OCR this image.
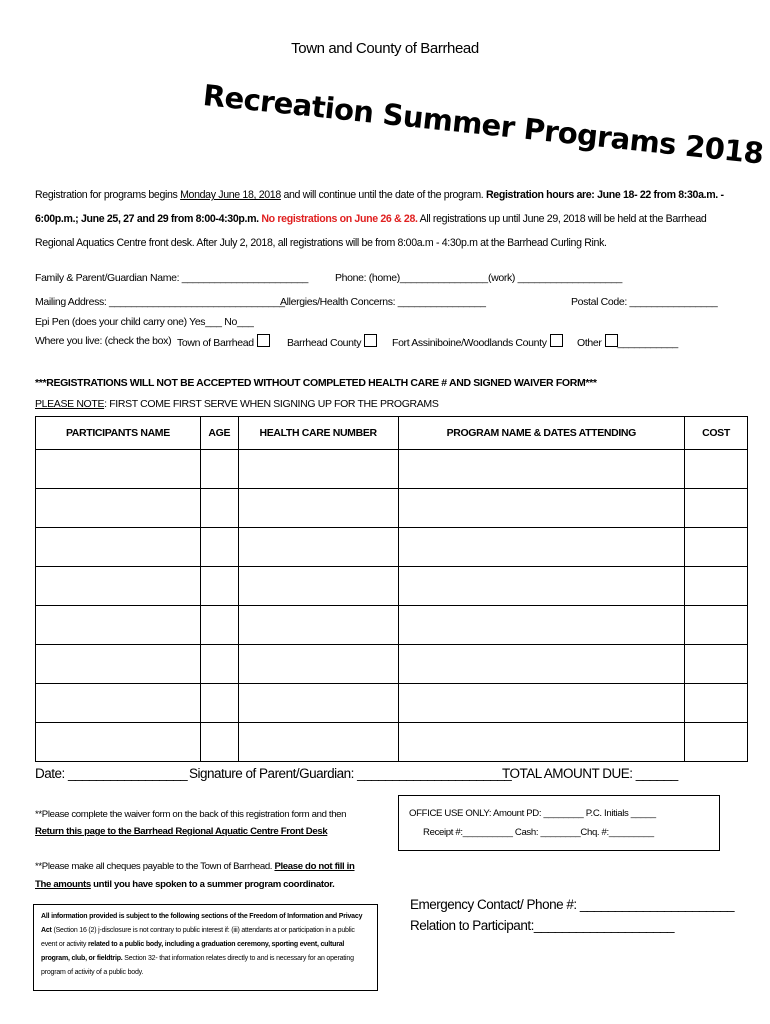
Town and County of Barrhead
Recreation Summer Programs 2018
Registration for programs begins Monday June 18, 2018 and will continue until the date of the program. Registration hours are: June 18- 22 from 8:30a.m. - 6:00p.m.; June 25, 27 and 29 from 8:00-4:30p.m. No registrations on June 26 & 28. All registrations up until June 29, 2018 will be held at the Barrhead Regional Aquatics Centre front desk. After July 2, 2018, all registrations will be from 8:00a.m - 4:30p.m at the Barrhead Curling Rink.
Family & Parent/Guardian Name: _______________________	Phone: (home)________________ (work) ___________________
Mailing Address: ________________________________
Allergies/Health Concerns: ________________	Postal Code: ________________
Epi Pen (does your child carry one) Yes___ No___
Where you live: (check the box) Town of Barrhead	Barrhead County	Fort Assiniboine/Woodlands County	Other ___________
***REGISTRATIONS WILL NOT BE ACCEPTED WITHOUT COMPLETED HEALTH CARE # AND SIGNED WAIVER FORM***
PLEASE NOTE: FIRST COME FIRST SERVE WHEN SIGNING UP FOR THE PROGRAMS
PARTICIPANTS NAME	AGE	HEALTH CARE NUMBER	PROGRAM NAME & DATES ATTENDING	COST

Date: _________________ Signature of Parent/Guardian: ______________________
TOTAL AMOUNT DUE: ______
**Please complete the waiver form on the back of this registration form and then
Return this page to the Barrhead Regional Aquatic Centre Front Desk
OFFICE USE ONLY: Amount PD: ________ P.C. Initials _____
Receipt #:__________ Cash: ________Chq. #:_________
**Please make all cheques payable to the Town of Barrhead. Please do not fill in
The amounts until you have spoken to a summer program coordinator.
All information provided is subject to the following sections of the Freedom of Information and Privacy Act (Section 16 (2) j-disclosure is not contrary to public interest if: (iii) attendants at or participation in a public event or activity related to a public body, including a graduation ceremony, sporting event, cultural program, club, or fieldtrip. Section 32- that information relates directly to and is necessary for an operating program of activity of a public body.
Emergency Contact/ Phone #: ______________________
Relation to Participant:____________________
